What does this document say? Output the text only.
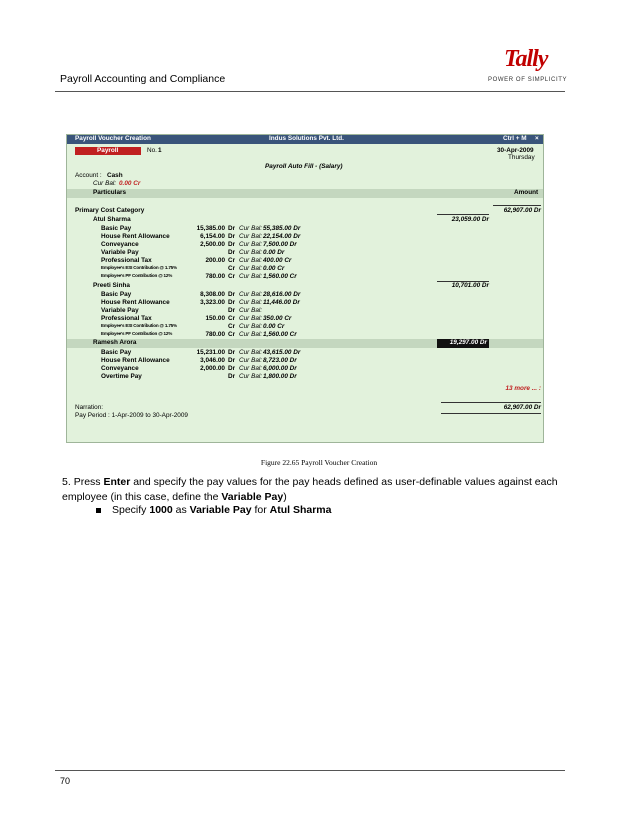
Payroll Accounting and Compliance
Tally
POWER OF SIMPLICITY
Payroll Voucher Creation	Indus Solutions Pvt. Ltd.	Ctrl + M ×
Payroll	No. 1	30-Apr-2009
Thursday
Payroll Auto Fill - (Salary)
Account : Cash
Cur Bal: 0.00 Cr
Particulars	Amount
Primary Cost Category	62,907.00 Dr
Atul Sharma	23,059.00 Dr
Basic Pay	15,385.00 Dr Cur Bal: 55,385.00 Dr
House Rent Allowance	6,154.00 Dr Cur Bal: 22,154.00 Dr
Conveyance	2,500.00 Dr Cur Bal: 7,500.00 Dr
Variable Pay	Dr Cur Bal: 0.00 Dr
Professional Tax	200.00 Cr Cur Bal: 400.00 Cr
Employee's ESI Contribution @ 1.75%	Cr Cur Bal: 0.00 Cr
Employee's PF Contribution @ 12%	780.00 Cr Cur Bal: 1,560.00 Cr
Preeti Sinha	10,701.00 Dr
Basic Pay	8,308.00 Dr Cur Bal: 28,616.00 Dr
House Rent Allowance	3,323.00 Dr Cur Bal: 11,446.00 Dr
Variable Pay	Dr Cur Bal:
Professional Tax	150.00 Cr Cur Bal: 350.00 Cr
Employee's ESI Contribution @ 1.75%	Cr Cur Bal: 0.00 Cr
Employee's PF Contribution @ 12%	780.00 Cr Cur Bal: 1,560.00 Cr
Ramesh Arora	19,297.00 Dr
Basic Pay	15,231.00 Dr Cur Bal: 43,615.00 Dr
House Rent Allowance	3,046.00 Dr Cur Bal: 8,723.00 Dr
Conveyance	2,000.00 Dr Cur Bal: 6,000.00 Dr
Overtime Pay	Dr Cur Bal: 1,800.00 Dr
13 more ... :
Narration:	62,907.00 Dr
Pay Period : 1-Apr-2009 to 30-Apr-2009
Figure 22.65 Payroll Voucher Creation
5. Press Enter and specify the pay values for the pay heads defined as user-definable values against each employee (in this case, define the Variable Pay)
Specify 1000 as Variable Pay for Atul Sharma
70
